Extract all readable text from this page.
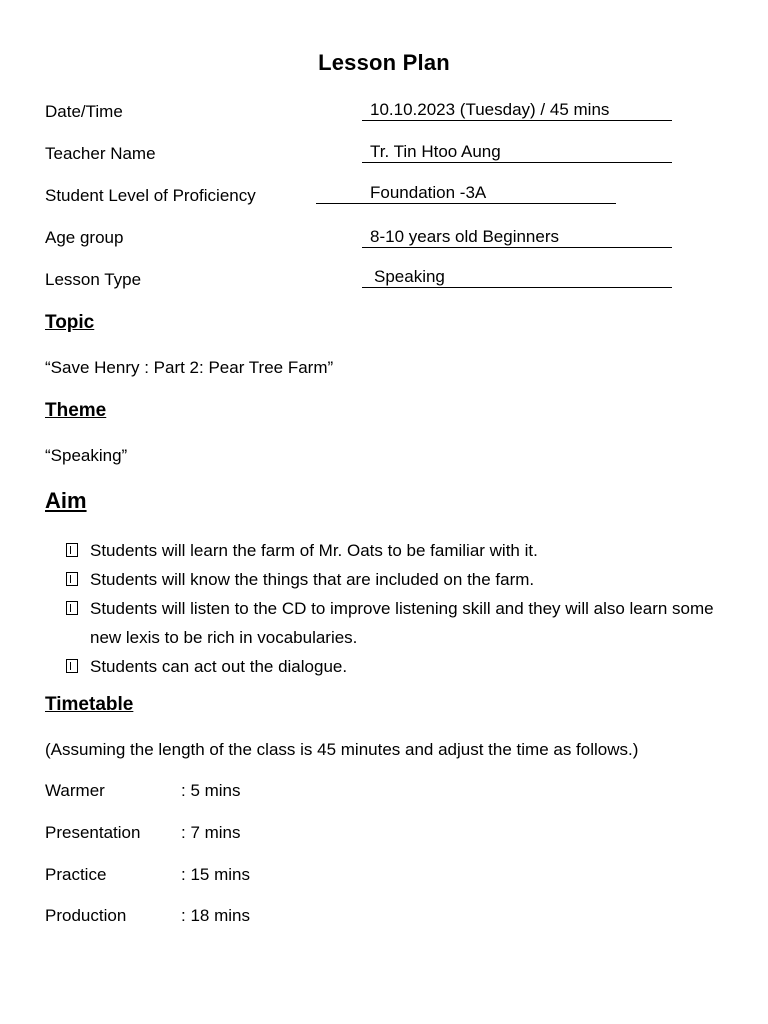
Lesson Plan
Date/Time	10.10.2023 (Tuesday) / 45 mins
Teacher Name	Tr. Tin Htoo Aung
Student Level of Proficiency	Foundation -3A
Age group	8-10 years old Beginners
Lesson Type	Speaking
Topic
“Save Henry : Part 2: Pear Tree Farm”
Theme
“Speaking”
Aim
Students will learn the farm of Mr. Oats to be familiar with it.
Students will know the things that are included on the farm.
Students will listen to the CD to improve listening skill and they will also learn some new lexis to be rich in vocabularies.
Students can act out the dialogue.
Timetable
(Assuming the length of the class is 45 minutes and adjust the time as follows.)
Warmer	: 5 mins
Presentation : 7 mins
Practice	: 15 mins
Production	: 18 mins
